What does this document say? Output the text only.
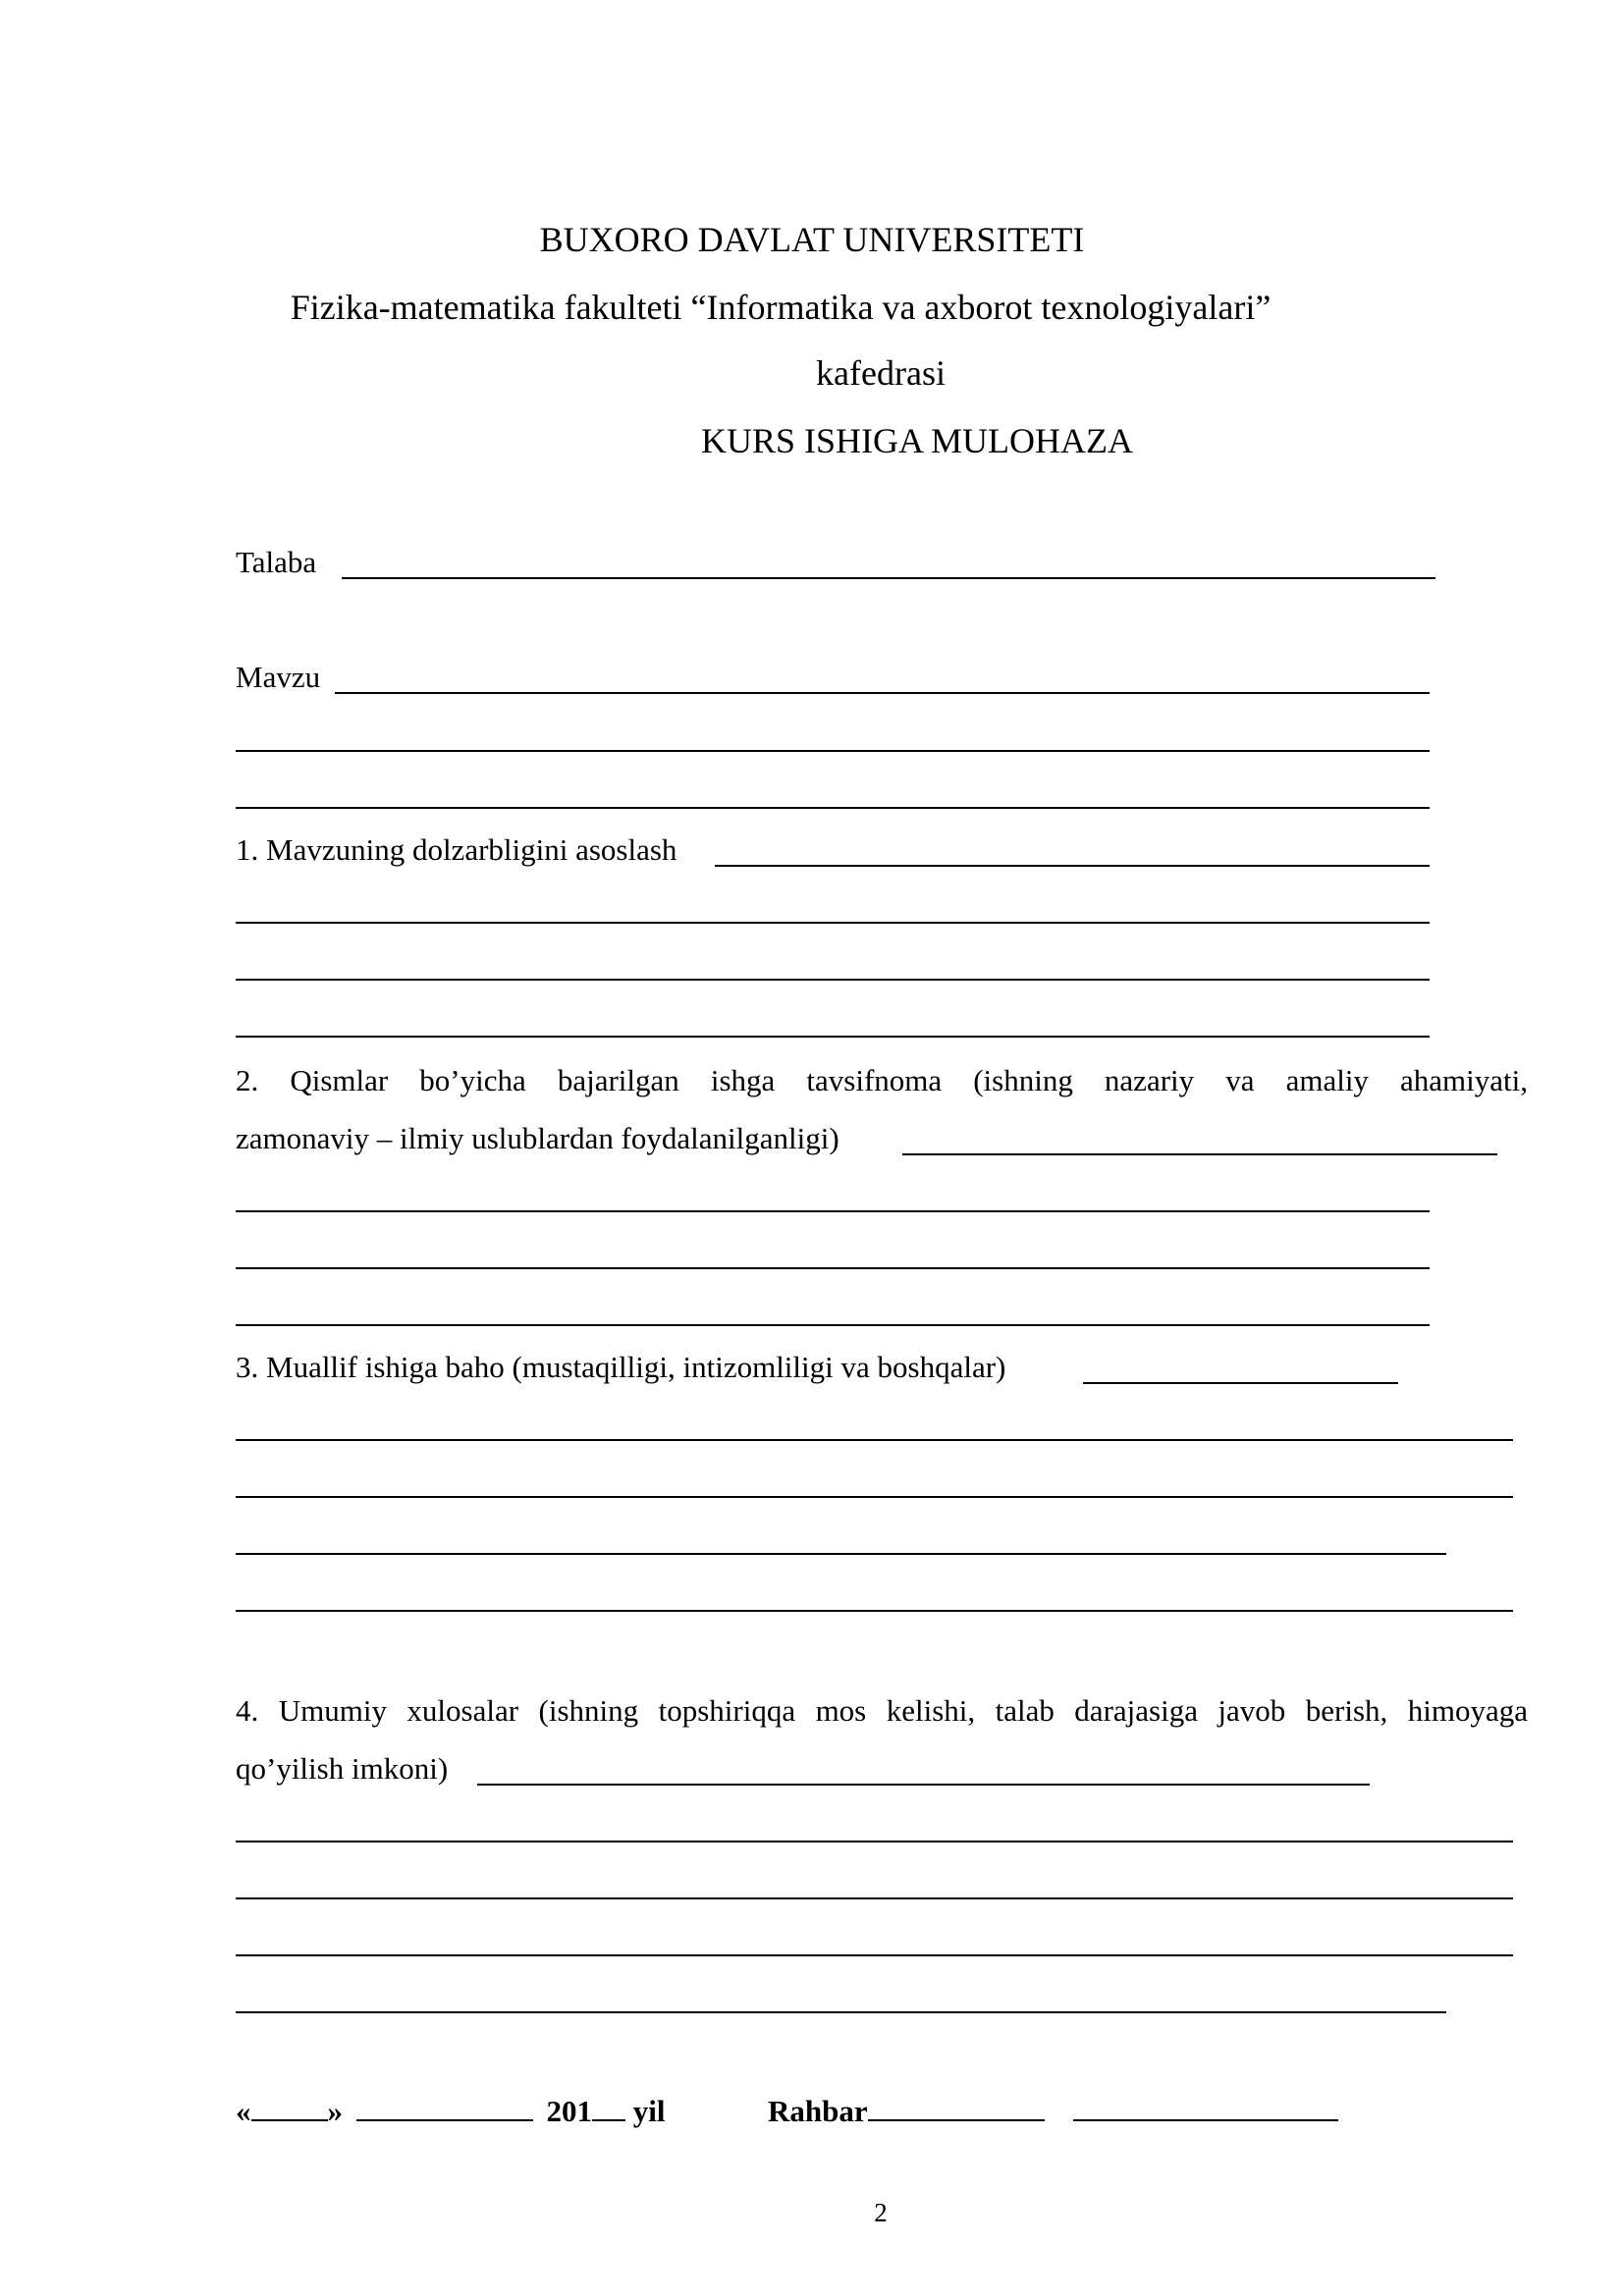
BUXORO DAVLAT UNIVERSITETI
Fizika-matematika fakulteti “Informatika va axborot texnologiyalari”
kafedrasi
KURS ISHIGA MULOHAZA
Talaba
Mavzu
1. Mavzuning dolzarbligini asoslash
2. Qismlar bo’yicha bajarilgan ishga tavsifnoma (ishning nazariy va amaliy ahamiyati,
zamonaviy – ilmiy uslublardan foydalanilganligi)
3. Muallif ishiga baho (mustaqilligi, intizomliligi va boshqalar)
4. Umumiy xulosalar (ishning topshiriqqa mos kelishi, talab darajasiga javob berish, himoyaga
qo’yilish imkoni)
«	»	201 yil	Rahbar
2
